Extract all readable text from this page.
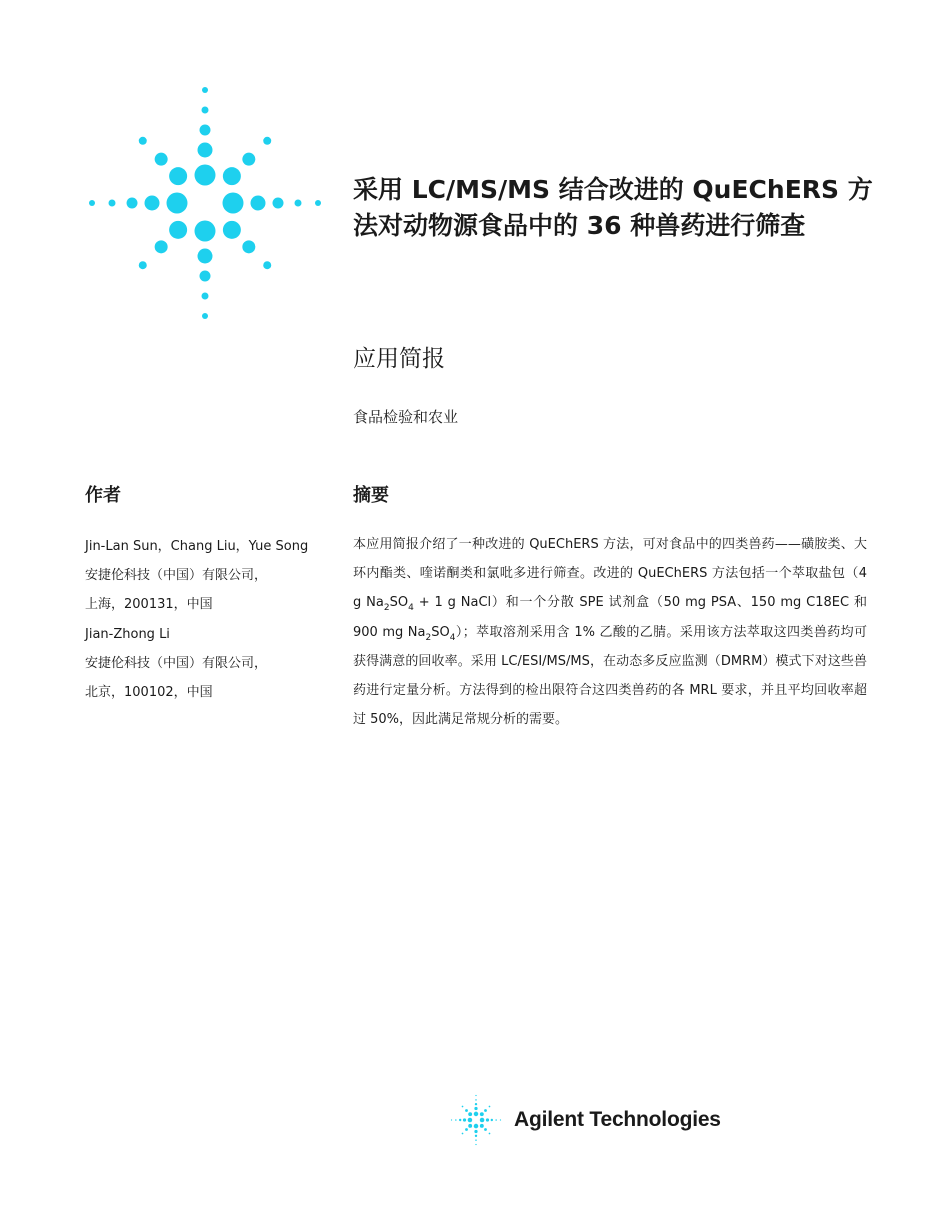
采用 LC/MS/MS 结合改进的 QuEChERS 方
法对动物源食品中的 36 种兽药进行筛查
应用简报

食品检验和农业

作者	摘要
Jin-Lan Sun，Chang Liu，Yue Song
安捷伦科技（中国）有限公司，
上海，200131，中国
Jian-Zhong Li
安捷伦科技（中国）有限公司，
北京，100102，中国

本应用简报介绍了一种改进的 QuEChERS 方法，可对食品中的四类兽药——磺胺类、大环内酯类、喹诺酮类和氯吡多进行筛查。改进的 QuEChERS 方法包括一个萃取盐包（4 g $Na_2SO_4 + 1$ g NaCl）和一个分散 SPE 试剂盒（50 mg PSA、150 mg C18EC 和 900 mg $Na_2SO_4$）；萃取溶剂采用含 1% 乙酸的乙腈。采用该方法萃取这四类兽药均可获得满意的回收率。采用 LC/ESI/MS/MS，在动态多反应监测（DMRM）模式下对这些兽药进行定量分析。方法得到的检出限符合这四类兽药的各 MRL 要求，并且平均回收率超过 50%，因此满足常规分析的需要。

Agilent Technologies
